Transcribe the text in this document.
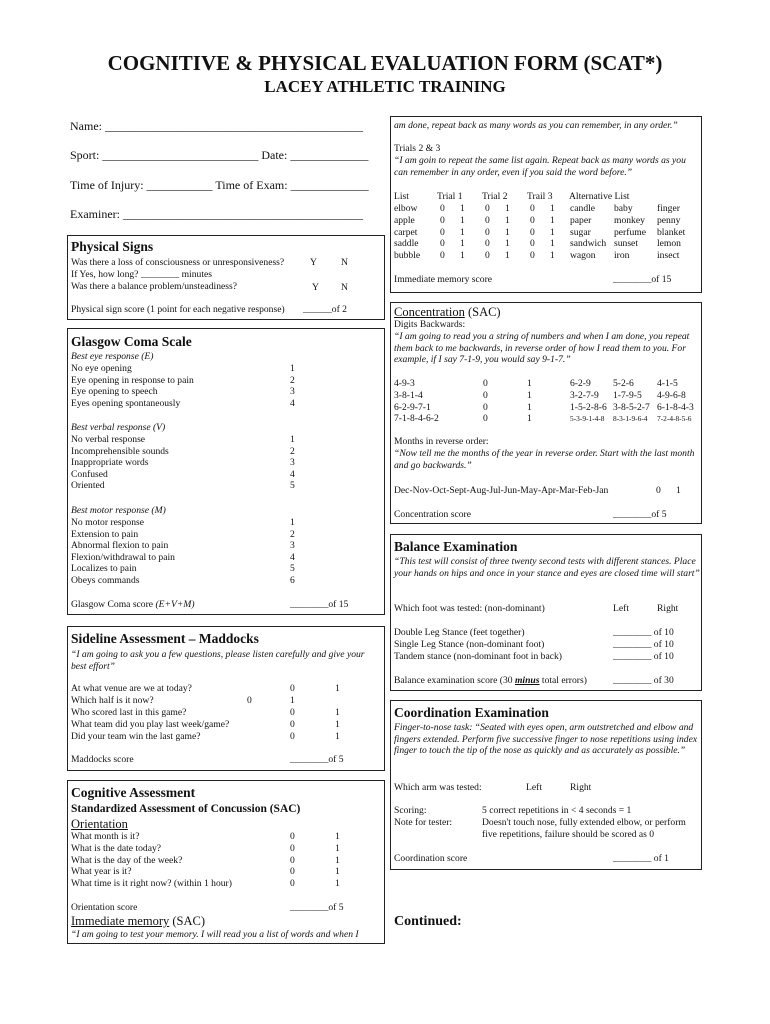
COGNITIVE & PHYSICAL EVALUATION FORM (SCAT*)
LACEY ATHLETIC TRAINING
Name: ___________________________________________
Sport: __________________________ Date: _____________
Time of Injury: ___________ Time of Exam: _____________
Examiner: ________________________________________
Physical Signs
Was there a loss of consciousness or unresponsiveness?	Y	N
If Yes, how long? ________ minutes
Was there a balance problem/unsteadiness?	Y N
Physical sign score (1 point for each negative response) ______of 2
Glasgow Coma Scale
Best eye response (E)
No eye opening	1
Eye opening in response to pain	2
Eye opening to speech	3
Eyes opening spontaneously	4
Best verbal response (V)
No verbal response	1
Incomprehensible sounds	2
Inappropriate words	3
Confused	4
Oriented	5
Best motor response (M)
No motor response	1
Extension to pain	2
Abnormal flexion to pain	3
Flexion/withdrawal to pain	4
Localizes to pain	5
Obeys commands	6
Glasgow Coma score (E+V+M)	________of 15
Sideline Assessment – Maddocks
“I am going to ask you a few questions, please listen carefully and give your best effort”
At what venue are we at today?	0	1
Which half is it now?	0	1
Who scored last in this game?	0	1
What team did you play last week/game?	0	1
Did your team win the last game?	0	1
Maddocks score	________of 5
Cognitive Assessment
Standardized Assessment of Concussion (SAC)
Orientation
What month is it?	0	1
What is the date today?	0	1
What is the day of the week?	0	1
What year is it?	0	1
What time is it right now? (within 1 hour)	0	1
Orientation score	________of 5
Immediate memory (SAC)
“I am going to test your memory. I will read you a list of words and when I
am done, repeat back as many words as you can remember, in any order.”
Trials 2 & 3
“I am goin to repeat the same list again. Repeat back as many words as you can remember in any order, even if you said the word before.”
List	Trial 1 Trial 2 Trail 3 Alternative List
elbow 0 1 0 1 0 1 candle baby	finger
apple	0 1 0 1 0 1 paper monkey penny
carpet 0 1 0 1 0 1 sugar perfume blanket
saddle 0 1 0 1 0 1 sandwich sunset lemon
bubble 0 1 0 1 0 1 wagon iron	insect
Immediate memory score	________of 15
Concentration (SAC)
Digits Backwards:
“I am going to read you a string of numbers and when I am done, you repeat them back to me backwards, in reverse order of how I read them to you. For example, if I say 7-1-9, you would say 9-1-7.”
4-9-3	0	1	6-2-9 5-2-6 4-1-5
3-8-1-4	0	1	3-2-7-9 1-7-9-5 4-9-6-8
6-2-9-7-1	0	1	1-5-2-8-6 3-8-5-2-7 6-1-8-4-3
7-1-8-4-6-2	0	1	5-3-9-1-4-8 8-3-1-9-6-4 7-2-4-8-5-6
Months in reverse order:
“Now tell me the months of the year in reverse order. Start with the last month and go backwards.”
Dec-Nov-Oct-Sept-Aug-Jul-Jun-May-Apr-Mar-Feb-Jan	0 1
Concentration score	________of 5
Balance Examination
“This test will consist of three twenty second tests with different stances. Place your hands on hips and once in your stance and eyes are closed time will start”
Which foot was tested: (non-dominant)	Left	Right
Double Leg Stance (feet together)	________ of 10
Single Leg Stance (non-dominant foot)	________ of 10
Tandem stance (non-dominant foot in back)	________ of 10
Balance examination score (30 minus total errors)	________ of 30
Coordination Examination
Finger-to-nose task: “Seated with eyes open, arm outstretched and elbow and fingers extended. Perform five successive finger to nose repetitions using index finger to touch the tip of the nose as quickly and as accurately as possible.”
Which arm was tested:	Left	Right
Scoring:	5 correct repetitions in < 4 seconds = 1
Note for tester:	Doesn't touch nose, fully extended elbow, or perform five repetitions, failure should be scored as 0
Coordination score	________ of 1
Continued:
